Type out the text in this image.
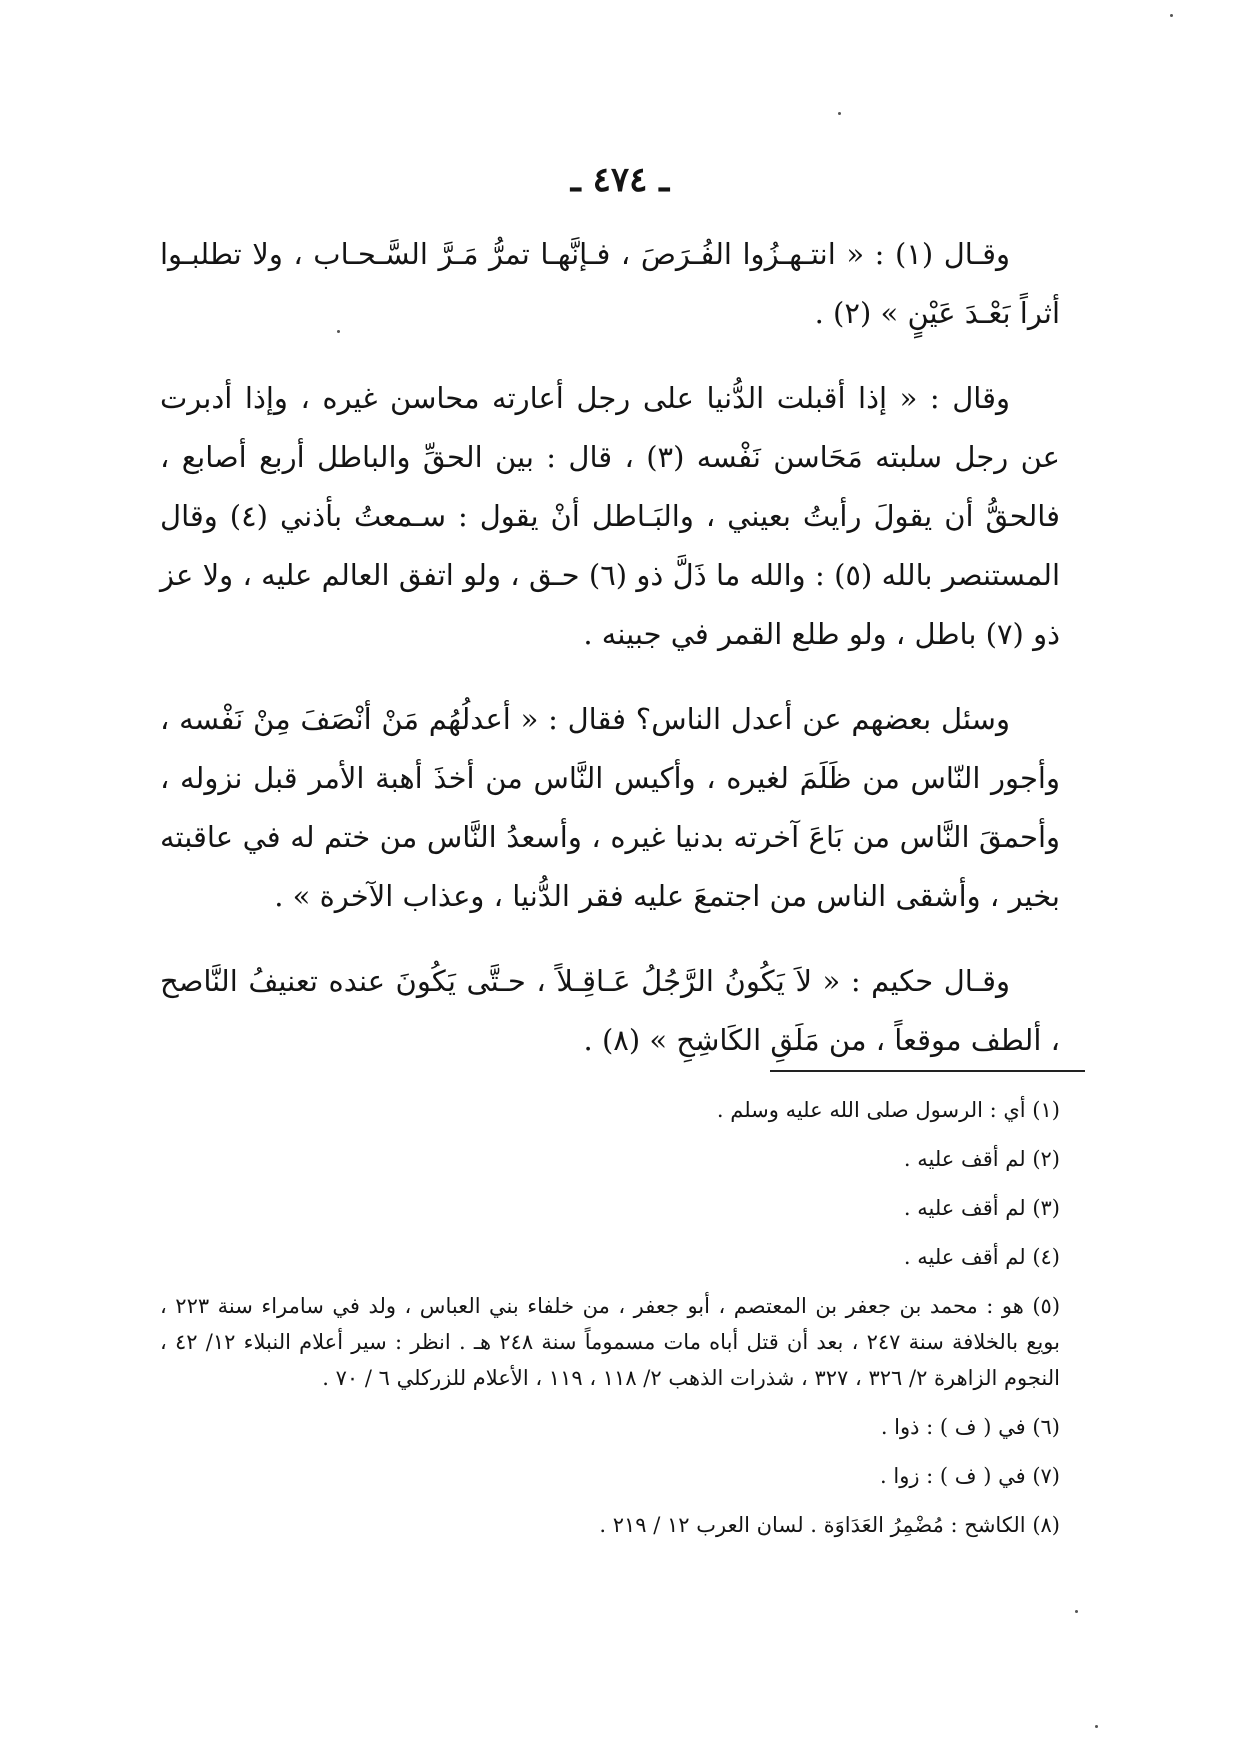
ـ ٤٧٤ ـ

وقـال (١) : « انتـهـزُوا الفُـرَصَ ، فـإنَّهـا تمرُّ مَـرَّ السَّـحـاب ، ولا تطلبـوا أثراً بَعْـدَ عَيْنٍ » (٢) .

وقال : « إذا أقبلت الدُّنيا على رجل أعارته محاسن غيره ، وإذا أدبرت عن رجل سلبته مَحَاسن نَفْسه (٣) ، قال : بين الحقِّ والباطل أربع أصابع ، فالحقُّ أن يقولَ رأيتُ بعيني ، والبَـاطل أنْ يقول : سـمعتُ بأذني (٤) وقال المستنصر بالله (٥) : والله ما ذَلَّ ذو (٦) حـق ، ولو اتفق العالم عليه ، ولا عز ذو (٧) باطل ، ولو طلع القمر في جبينه .

وسئل بعضهم عن أعدل الناس؟ فقال : « أعدلُهُم مَنْ أنْصَفَ مِنْ نَفْسه ، وأجور النّاس من ظَلَمَ لغيره ، وأكيس النَّاس من أخذَ أهبة الأمر قبل نزوله ، وأحمقَ النَّاس من بَاعَ آخرته بدنيا غيره ، وأسعدُ النَّاس من ختم له في عاقبته بخير ، وأشقى الناس من اجتمعَ عليه فقر الدُّنيا ، وعذاب الآخرة » .

وقـال حكيم : « لاَ يَكُونُ الرَّجُلُ عَـاقِـلاً ، حـتَّى يَكُونَ عنده تعنيفُ النَّاصح ، ألطف موقعاً ، من مَلَقِ الكَاشِحِ » (٨) .

(١) أي : الرسول صلى الله عليه وسلم .
(٢) لم أقف عليه .
(٣) لم أقف عليه .
(٤) لم أقف عليه .
(٥) هو : محمد بن جعفر بن المعتصم ، أبو جعفر ، من خلفاء بني العباس ، ولد في سامراء سنة ٢٢٣ ، بويع بالخلافة سنة ٢٤٧ ، بعد أن قتل أباه مات مسموماً سنة ٢٤٨ هـ . انظر : سير أعلام النبلاء ١٢/ ٤٢ ، النجوم الزاهرة ٢/ ٣٢٦ ، ٣٢٧ ، شذرات الذهب ٢/ ١١٨ ، ١١٩ ، الأعلام للزركلي ٦ / ٧٠ .
(٦) في ( ف ) : ذوا .
(٧) في ( ف ) : زوا .
(٨) الكاشح : مُضْمِرُ العَدَاوَة . لسان العرب ١٢ / ٢١٩ .
